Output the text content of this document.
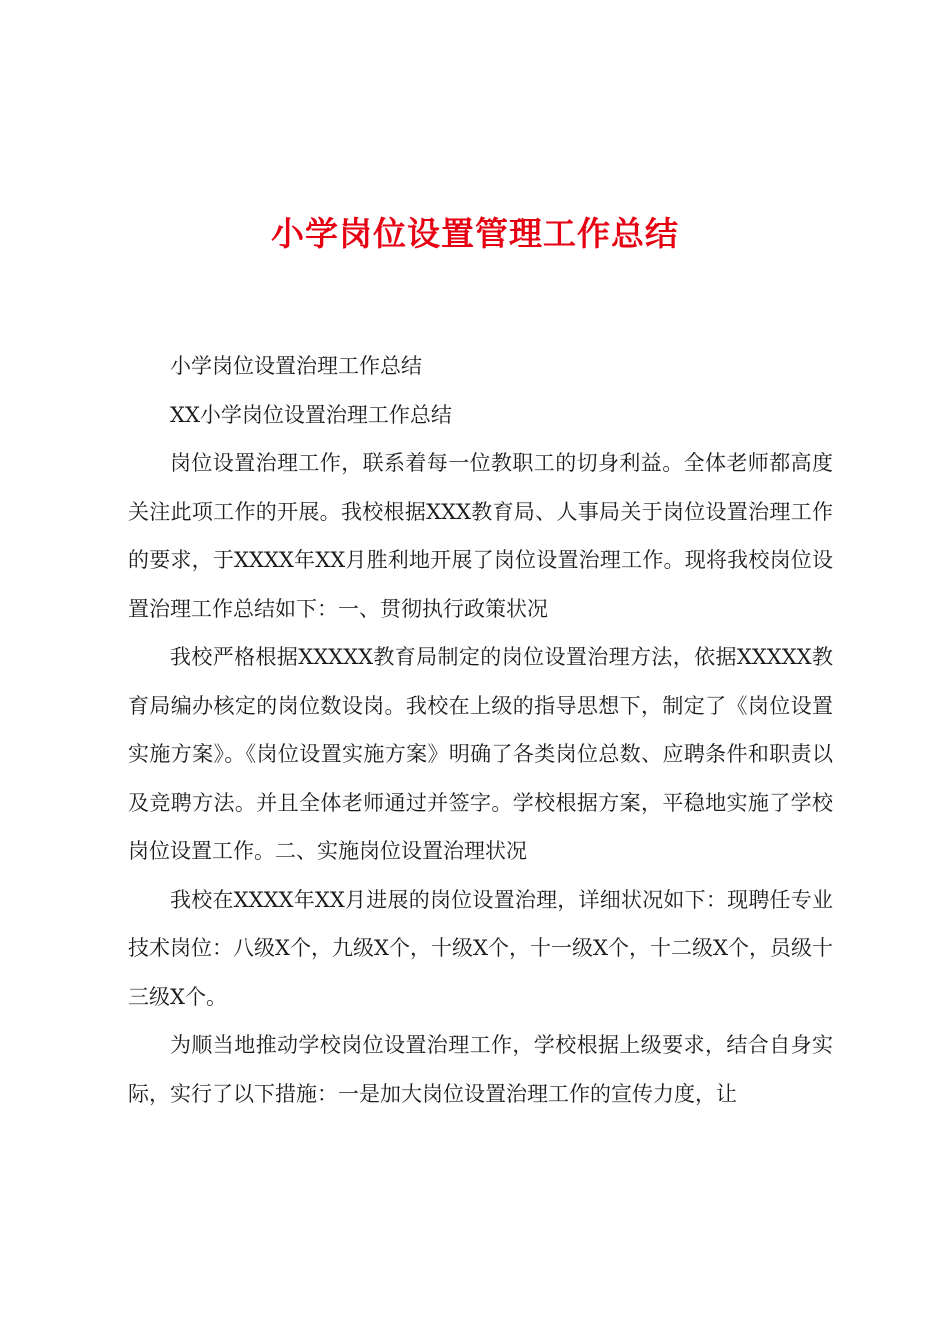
小学岗位设置管理工作总结

小学岗位设置治理工作总结

XX小学岗位设置治理工作总结

岗位设置治理工作，联系着每一位教职工的切身利益。全体老师都高度关注此项工作的开展。我校根据XXX教育局、人事局关于岗位设置治理工作的要求，于XXXX年XX月胜利地开展了岗位设置治理工作。现将我校岗位设置治理工作总结如下：一、贯彻执行政策状况

我校严格根据XXXXX教育局制定的岗位设置治理方法，依据XXXXX教育局编办核定的岗位数设岗。我校在上级的指导思想下，制定了《岗位设置实施方案》。《岗位设置实施方案》明确了各类岗位总数、应聘条件和职责以及竞聘方法。并且全体老师通过并签字。学校根据方案，平稳地实施了学校岗位设置工作。二、实施岗位设置治理状况

我校在XXXX年XX月进展的岗位设置治理，详细状况如下：现聘任专业技术岗位：八级X个，九级X个，十级X个，十一级X个，十二级X个，员级十三级X个。

为顺当地推动学校岗位设置治理工作，学校根据上级要求，结合自身实际，实行了以下措施：一是加大岗位设置治理工作的宣传力度，让
